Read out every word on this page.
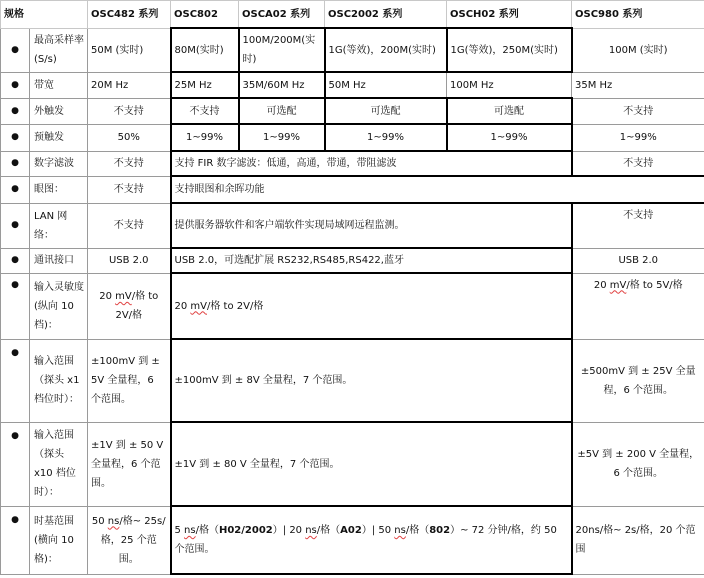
规格		OSC482 系列	OSC802	OSCA02 系列	OSC2002 系列	OSCH02 系列	OSC980 系列
●	最高采样率 (S/s)	50M (实时)	80M(实时)	100M/200M(实时)	1G(等效)，200M(实时)	1G(等效)，250M(实时)	100M (实时)
●	带宽	20M Hz	25M Hz	35M/60M Hz	50M Hz	100M Hz	35M Hz
●	外触发	不支持	不支持	可选配	可选配	可选配	不支持
●	预触发	50%	1~99%	1~99%	1~99%	1~99%	1~99%
●	数字滤波	不支持	支持 FIR 数字滤波：低通，高通，带通，带阻滤波				不支持
●	眼图：	不支持	支持眼图和余晖功能				
●	LAN 网络：	不支持	提供服务器软件和客户端软件实现局域网远程监测。				不支持
●	通讯接口	USB 2.0	USB 2.0，可选配扩展 RS232,RS485,RS422,蓝牙				USB 2.0
●	输入灵敏度 (纵向 10 档)：	20 mV/格 to 2V/格	20 mV/格 to 2V/格				20 mV/格 to 5V/格
●	输入范围（探头 x1 档位时）：	±100mV 到 ± 5V 全量程，6 个范围。	±100mV 到 ± 8V 全量程，7 个范围。				±500mV 到 ± 25V 全量程，6 个范围。
●	输入范围（探头 x10 档位时）：	±1V 到 ± 50 V 全量程，6 个范围。	±1V 到 ± 80 V 全量程，7 个范围。				±5V 到 ± 200 V 全量程，6 个范围。
●	时基范围(横向 10 格)：	50 ns/格~ 25s/格，25 个范围。	5 ns/格（H02/2002）| 20 ns/格（A02）| 50 ns/格（802）~ 72 分钟/格，约 50 个范围。				20ns/格~ 2s/格，20 个范围
